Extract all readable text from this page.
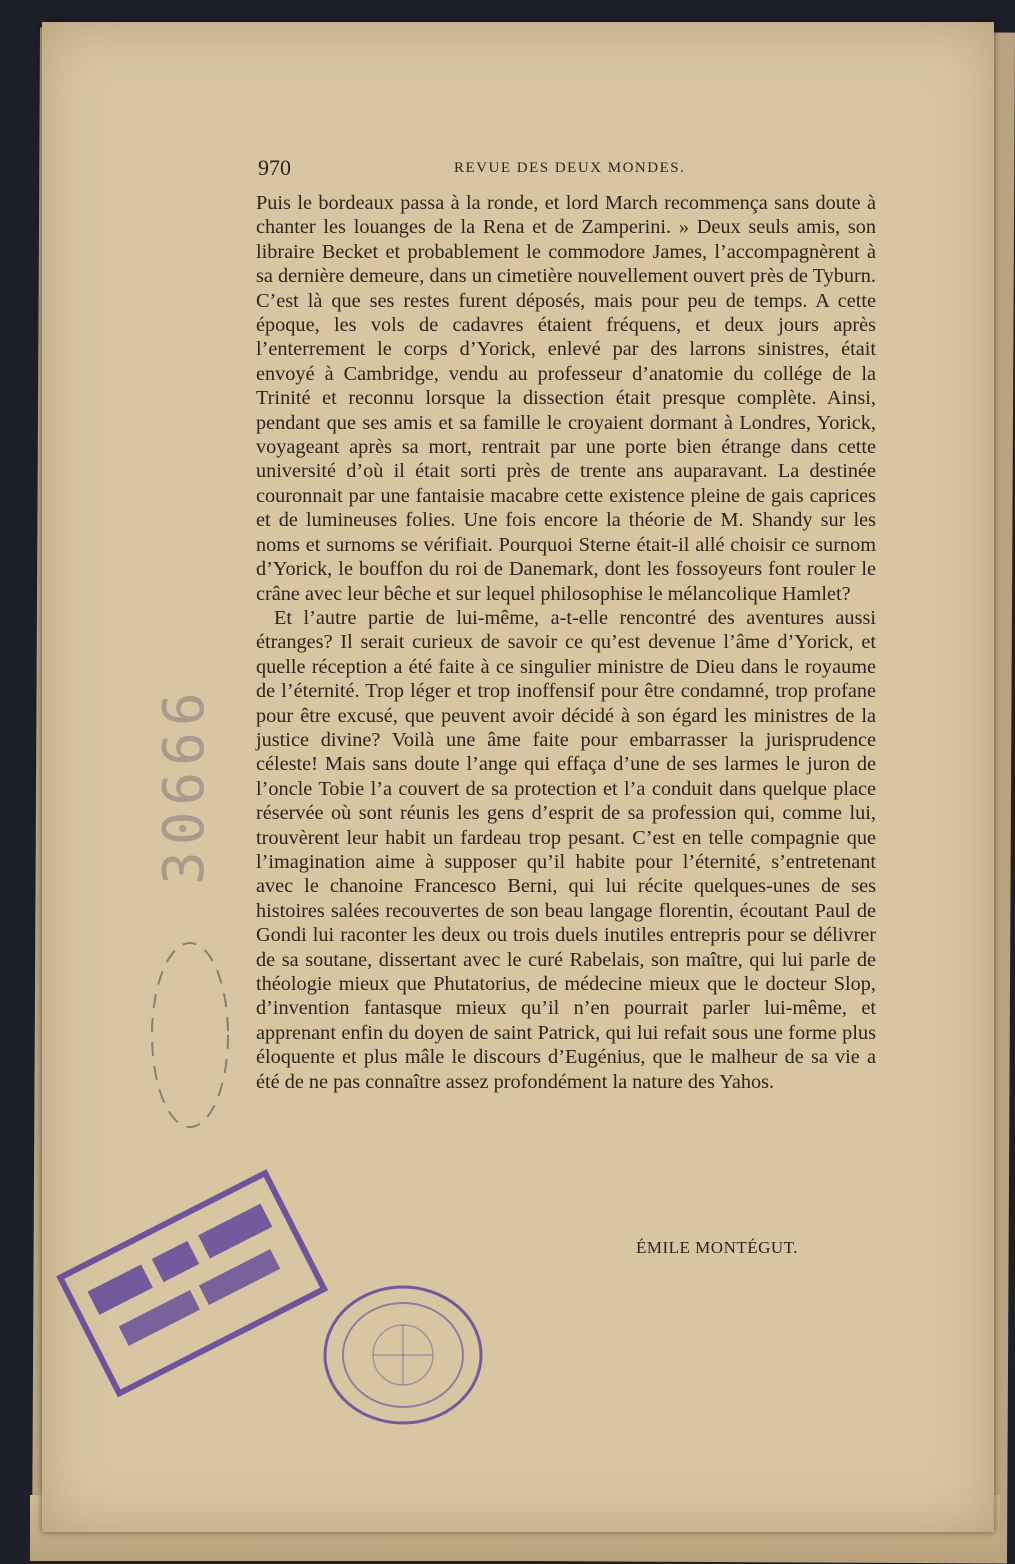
970	REVUE DES DEUX MONDES.

Puis le bordeaux passa à la ronde, et lord March recommença sans doute à chanter les louanges de la Rena et de Zamperini. » Deux seuls amis, son libraire Becket et probablement le commodore James, l’accompagnèrent à sa dernière demeure, dans un cimetière nouvellement ouvert près de Tyburn. C’est là que ses restes furent déposés, mais pour peu de temps. A cette époque, les vols de cadavres étaient fréquens, et deux jours après l’enterrement le corps d’Yorick, enlevé par des larrons sinistres, était envoyé à Cambridge, vendu au professeur d’anatomie du collége de la Trinité et reconnu lorsque la dissection était presque complète. Ainsi, pendant que ses amis et sa famille le croyaient dormant à Londres, Yorick, voyageant après sa mort, rentrait par une porte bien étrange dans cette université d’où il était sorti près de trente ans auparavant. La destinée couronnait par une fantaisie macabre cette existence pleine de gais caprices et de lumineuses folies. Une fois encore la théorie de M. Shandy sur les noms et surnoms se vérifiait. Pourquoi Sterne était-il allé choisir ce surnom d’Yorick, le bouffon du roi de Danemark, dont les fossoyeurs font rouler le crâne avec leur bêche et sur lequel philosophise le mélancolique Hamlet?

Et l’autre partie de lui-même, a-t-elle rencontré des aventures aussi étranges? Il serait curieux de savoir ce qu’est devenue l’âme d’Yorick, et quelle réception a été faite à ce singulier ministre de Dieu dans le royaume de l’éternité. Trop léger et trop inoffensif pour être condamné, trop profane pour être excusé, que peuvent avoir décidé à son égard les ministres de la justice divine? Voilà une âme faite pour embarrasser la jurisprudence céleste! Mais sans doute l’ange qui effaça d’une de ses larmes le juron de l’oncle Tobie l’a couvert de sa protection et l’a conduit dans quelque place réservée où sont réunis les gens d’esprit de sa profession qui, comme lui, trouvèrent leur habit un fardeau trop pesant. C’est en telle compagnie que l’imagination aime à supposer qu’il habite pour l’éternité, s’entretenant avec le chanoine Francesco Berni, qui lui récite quelques-unes de ses histoires salées recouvertes de son beau langage florentin, écoutant Paul de Gondi lui raconter les deux ou trois duels inutiles entrepris pour se délivrer de sa soutane, dissertant avec le curé Rabelais, son maître, qui lui parle de théologie mieux que Phutatorius, de médecine mieux que le docteur Slop, d’invention fantasque mieux qu’il n’en pourrait parler lui-même, et apprenant enfin du doyen de saint Patrick, qui lui refait sous une forme plus éloquente et plus mâle le discours d’Eugénius, que le malheur de sa vie a été de ne pas connaître assez profondément la nature des Yahos.

ÉMILE MONTÉGUT.
30666
